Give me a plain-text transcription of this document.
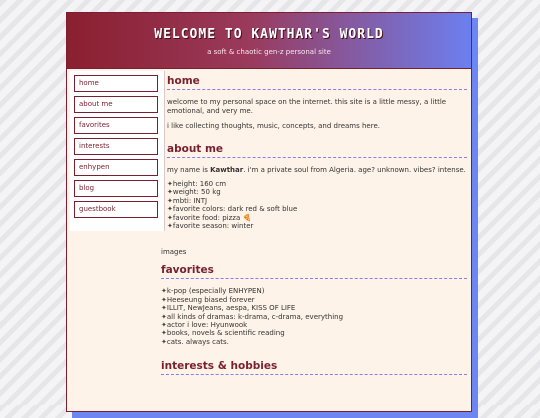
WELCOME TO KAWTHAR'S WORLD
a soft & chaotic gen-z personal site
home
about me
favorites
interests
enhypen
blog
guestbook
home

welcome to my personal space on the internet. this site is a little messy, a little emotional, and very me.

i like collecting thoughts, music, concepts, and dreams here.

about me

my name is Kawthar. i'm a private soul from Algeria. age? unknown. vibes? intense.

✦ height: 160 cm
✦ weight: 50 kg
✦ mbti: INTJ
✦ favorite colors: dark red & soft blue
✦ favorite food: pizza 🍕
✦ favorite season: winter
images
favorites
✦ k-pop (especially ENHYPEN)
✦ Heeseung biased forever
✦ ILLIT, NewJeans, aespa, KISS OF LIFE
✦ all kinds of dramas: k-drama, c-drama, everything
✦ actor i love: Hyunwook
✦ books, novels & scientific reading
✦ cats. always cats.
interests & hobbies
